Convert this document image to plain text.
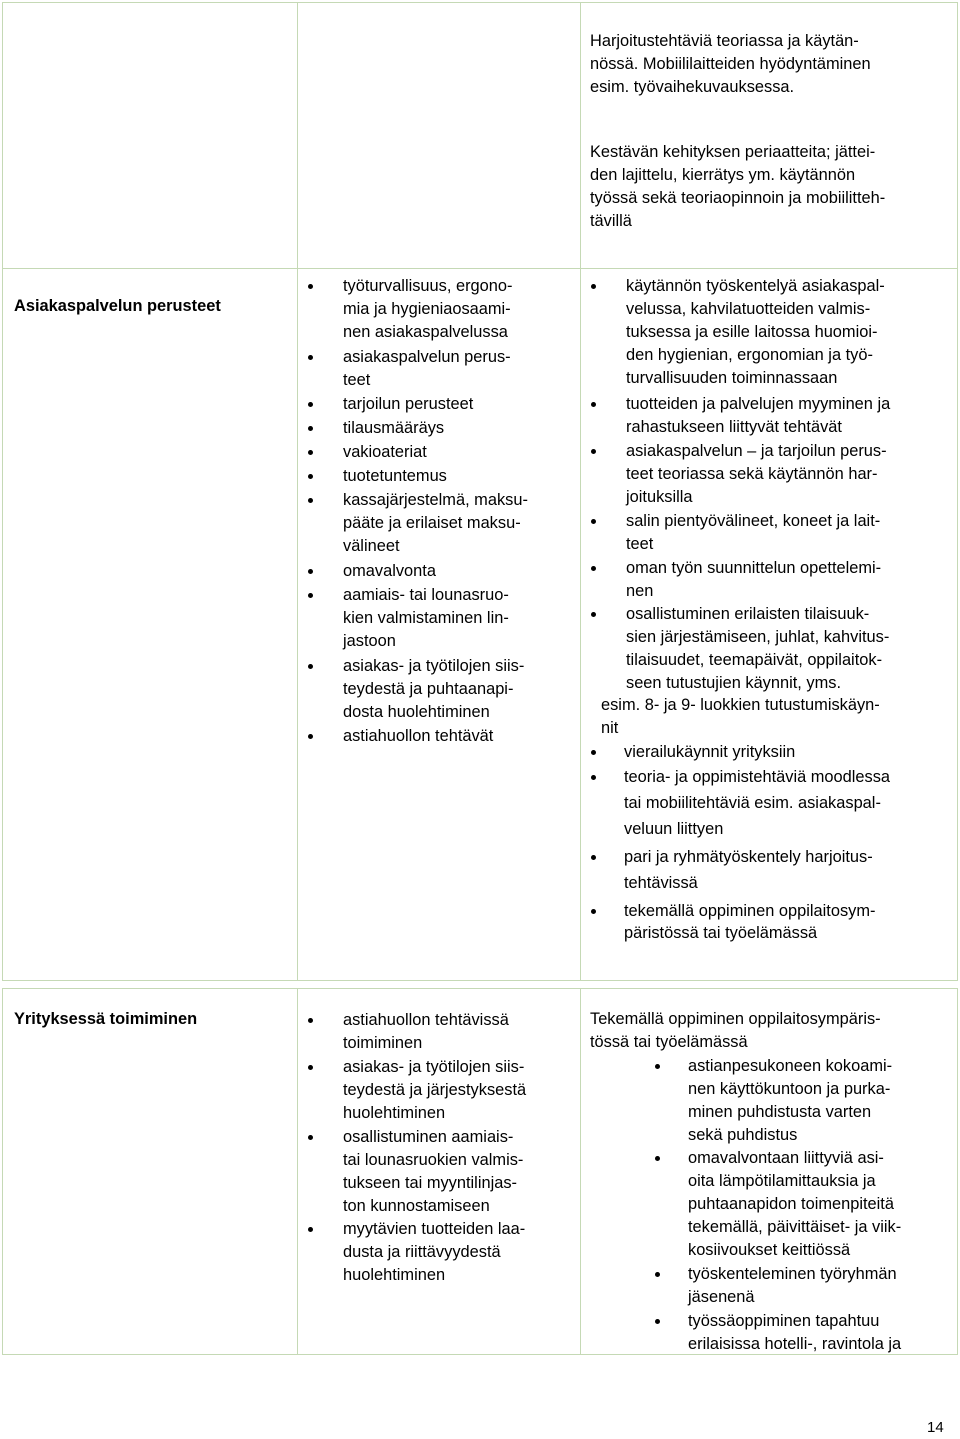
Harjoitustehtäviä teoriassa ja käytän-
nössä. Mobiililaitteiden hyödyntäminen
esim. työvaihekuvauksessa.
Kestävän kehityksen periaatteita; jättei-
den lajittelu, kierrätys ym. käytännön
työssä sekä teoriaopinnoin ja mobiilitteh-
tävillä
Asiakaspalvelun perusteet
työturvallisuus, ergono-
mia ja hygieniaosaami-
nen asiakaspalvelussa
asiakaspalvelun perus-
teet
tarjoilun perusteet
tilausmääräys
vakioateriat
tuotetuntemus
kassajärjestelmä, maksu-
pääte ja erilaiset maksu-
välineet
omavalvonta
aamiais- tai lounasruo-
kien valmistaminen lin-
jastoon
asiakas- ja työtilojen siis-
teydestä ja puhtaanapi-
dosta huolehtiminen
astiahuollon tehtävät
käytännön työskentelyä asiakaspal-
velussa, kahvilatuotteiden valmis-
tuksessa ja esille laitossa huomioi-
den hygienian, ergonomian ja työ-
turvallisuuden toiminnassaan
tuotteiden ja palvelujen myyminen ja
rahastukseen liittyvät tehtävät
asiakaspalvelun – ja tarjoilun perus-
teet teoriassa sekä käytännön har-
joituksilla
salin pientyövälineet, koneet ja lait-
teet
oman työn suunnittelun opettelemi-
nen
osallistuminen erilaisten tilaisuuk-
sien järjestämiseen, juhlat, kahvitus-
tilaisuudet, teemapäivät, oppilaitok-
seen tutustujien käynnit, yms.
esim. 8- ja 9- luokkien tutustumiskäyn-
nit
vierailukäynnit yrityksiin
teoria- ja oppimistehtäviä moodlessa
tai mobiilitehtäviä esim. asiakaspal-
veluun liittyen
pari ja ryhmätyöskentely harjoitus-
tehtävissä
tekemällä oppiminen oppilaitosym-
päristössä tai työelämässä
Yrityksessä toimiminen	astiahuollon tehtävissä
toimiminen
asiakas- ja työtilojen siis-
teydestä ja järjestyksestä
huolehtiminen
osallistuminen aamiais-
tai lounasruokien valmis-
tukseen tai myyntilinjas-
ton kunnostamiseen
myytävien tuotteiden laa-
dusta ja riittävyydestä
huolehtiminen
Tekemällä oppiminen oppilaitosympäris-
tössä tai työelämässä
astianpesukoneen kokoami-
nen käyttökuntoon ja purka-
minen puhdistusta varten
sekä puhdistus
omavalvontaan liittyviä asi-
oita lämpötilamittauksia ja
puhtaanapidon toimenpiteitä
tekemällä, päivittäiset- ja viik-
kosiivoukset keittiössä
työskenteleminen työryhmän
jäsenenä
työssäoppiminen tapahtuu
erilaisissa hotelli-, ravintola ja
14
